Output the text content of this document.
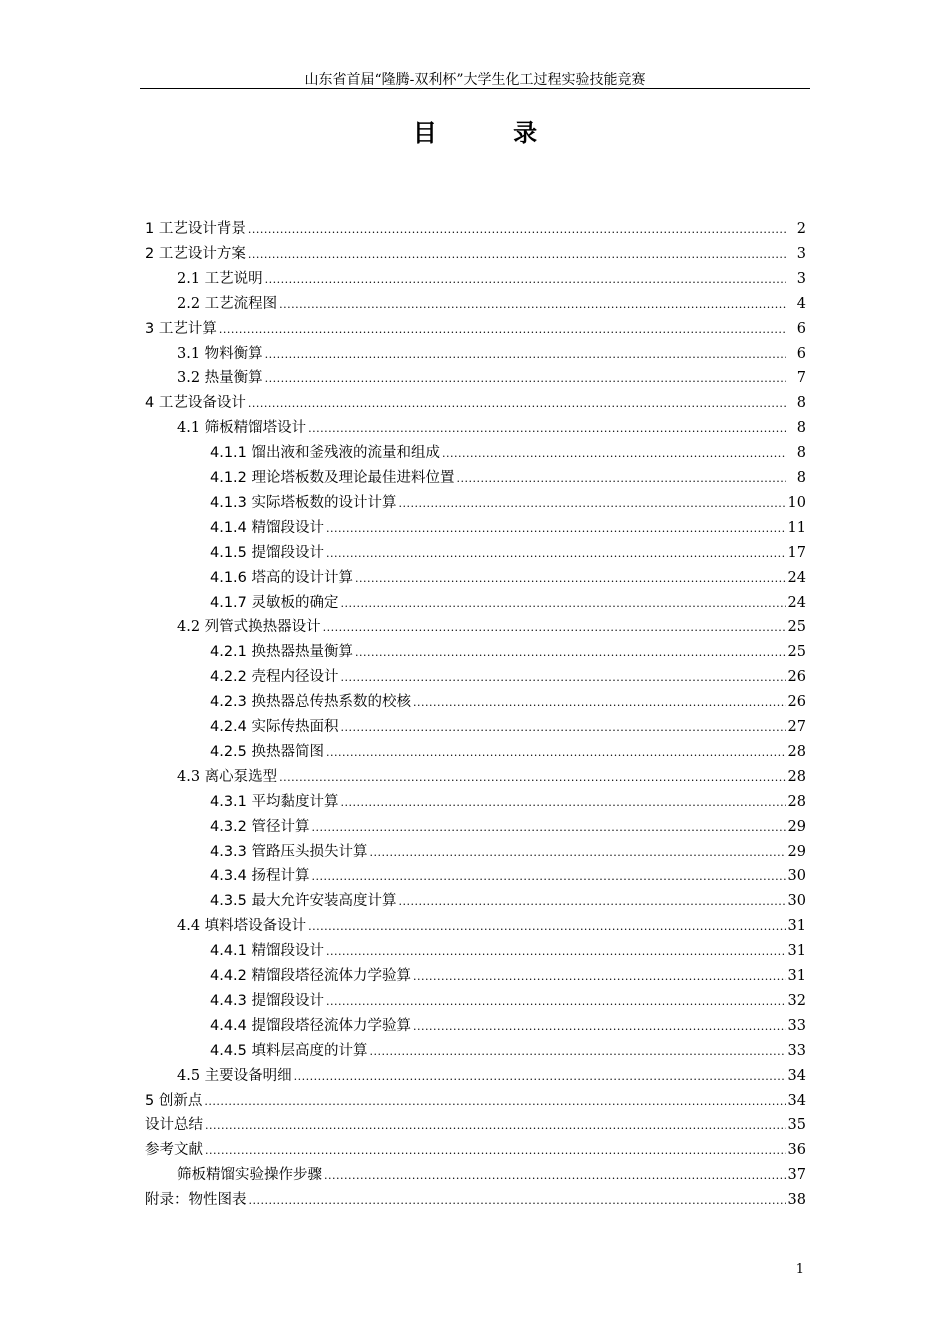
山东省首届“隆腾-双利杯”大学生化工过程实验技能竞赛
目 录
1 工艺设计背景 .....	2
2 工艺设计方案 .....	3
2.1 工艺说明 .....	3
2.2 工艺流程图 .....	4
3 工艺计算 .....	6
3.1 物料衡算 .....	6
3.2 热量衡算 .....	7
4 工艺设备设计 .....	8
4.1 筛板精馏塔设计 .....	8
4.1.1 馏出液和釜残液的流量和组成 .....	8
4.1.2 理论塔板数及理论最佳进料位置 .....	8
4.1.3 实际塔板数的设计计算 .....	10
4.1.4 精馏段设计 .....	11
4.1.5 提馏段设计 .....	17
4.1.6 塔高的设计计算 .....	24
4.1.7 灵敏板的确定 .....	24
4.2 列管式换热器设计 .....	25
4.2.1 换热器热量衡算 .....	25
4.2.2 壳程内径设计 .....	26
4.2.3 换热器总传热系数的校核 .....	26
4.2.4 实际传热面积 .....	27
4.2.5 换热器简图 .....	28
4.3 离心泵选型 .....	28
4.3.1 平均黏度计算 .....	28
4.3.2 管径计算 .....	29
4.3.3 管路压头损失计算 .....	29
4.3.4 扬程计算 .....	30
4.3.5 最大允许安装高度计算 .....	30
4.4 填料塔设备设计 .....	31
4.4.1 精馏段设计 .....	31
4.4.2 精馏段塔径流体力学验算 .....	31
4.4.3 提馏段设计 .....	32
4.4.4 提馏段塔径流体力学验算 .....	33
4.4.5 填料层高度的计算 .....	33
4.5 主要设备明细 .....	34
5 创新点 .....	34
设计总结 .....	35
参考文献 .....	36
筛板精馏实验操作步骤 .....	37
附录：物性图表 .....	38
1
